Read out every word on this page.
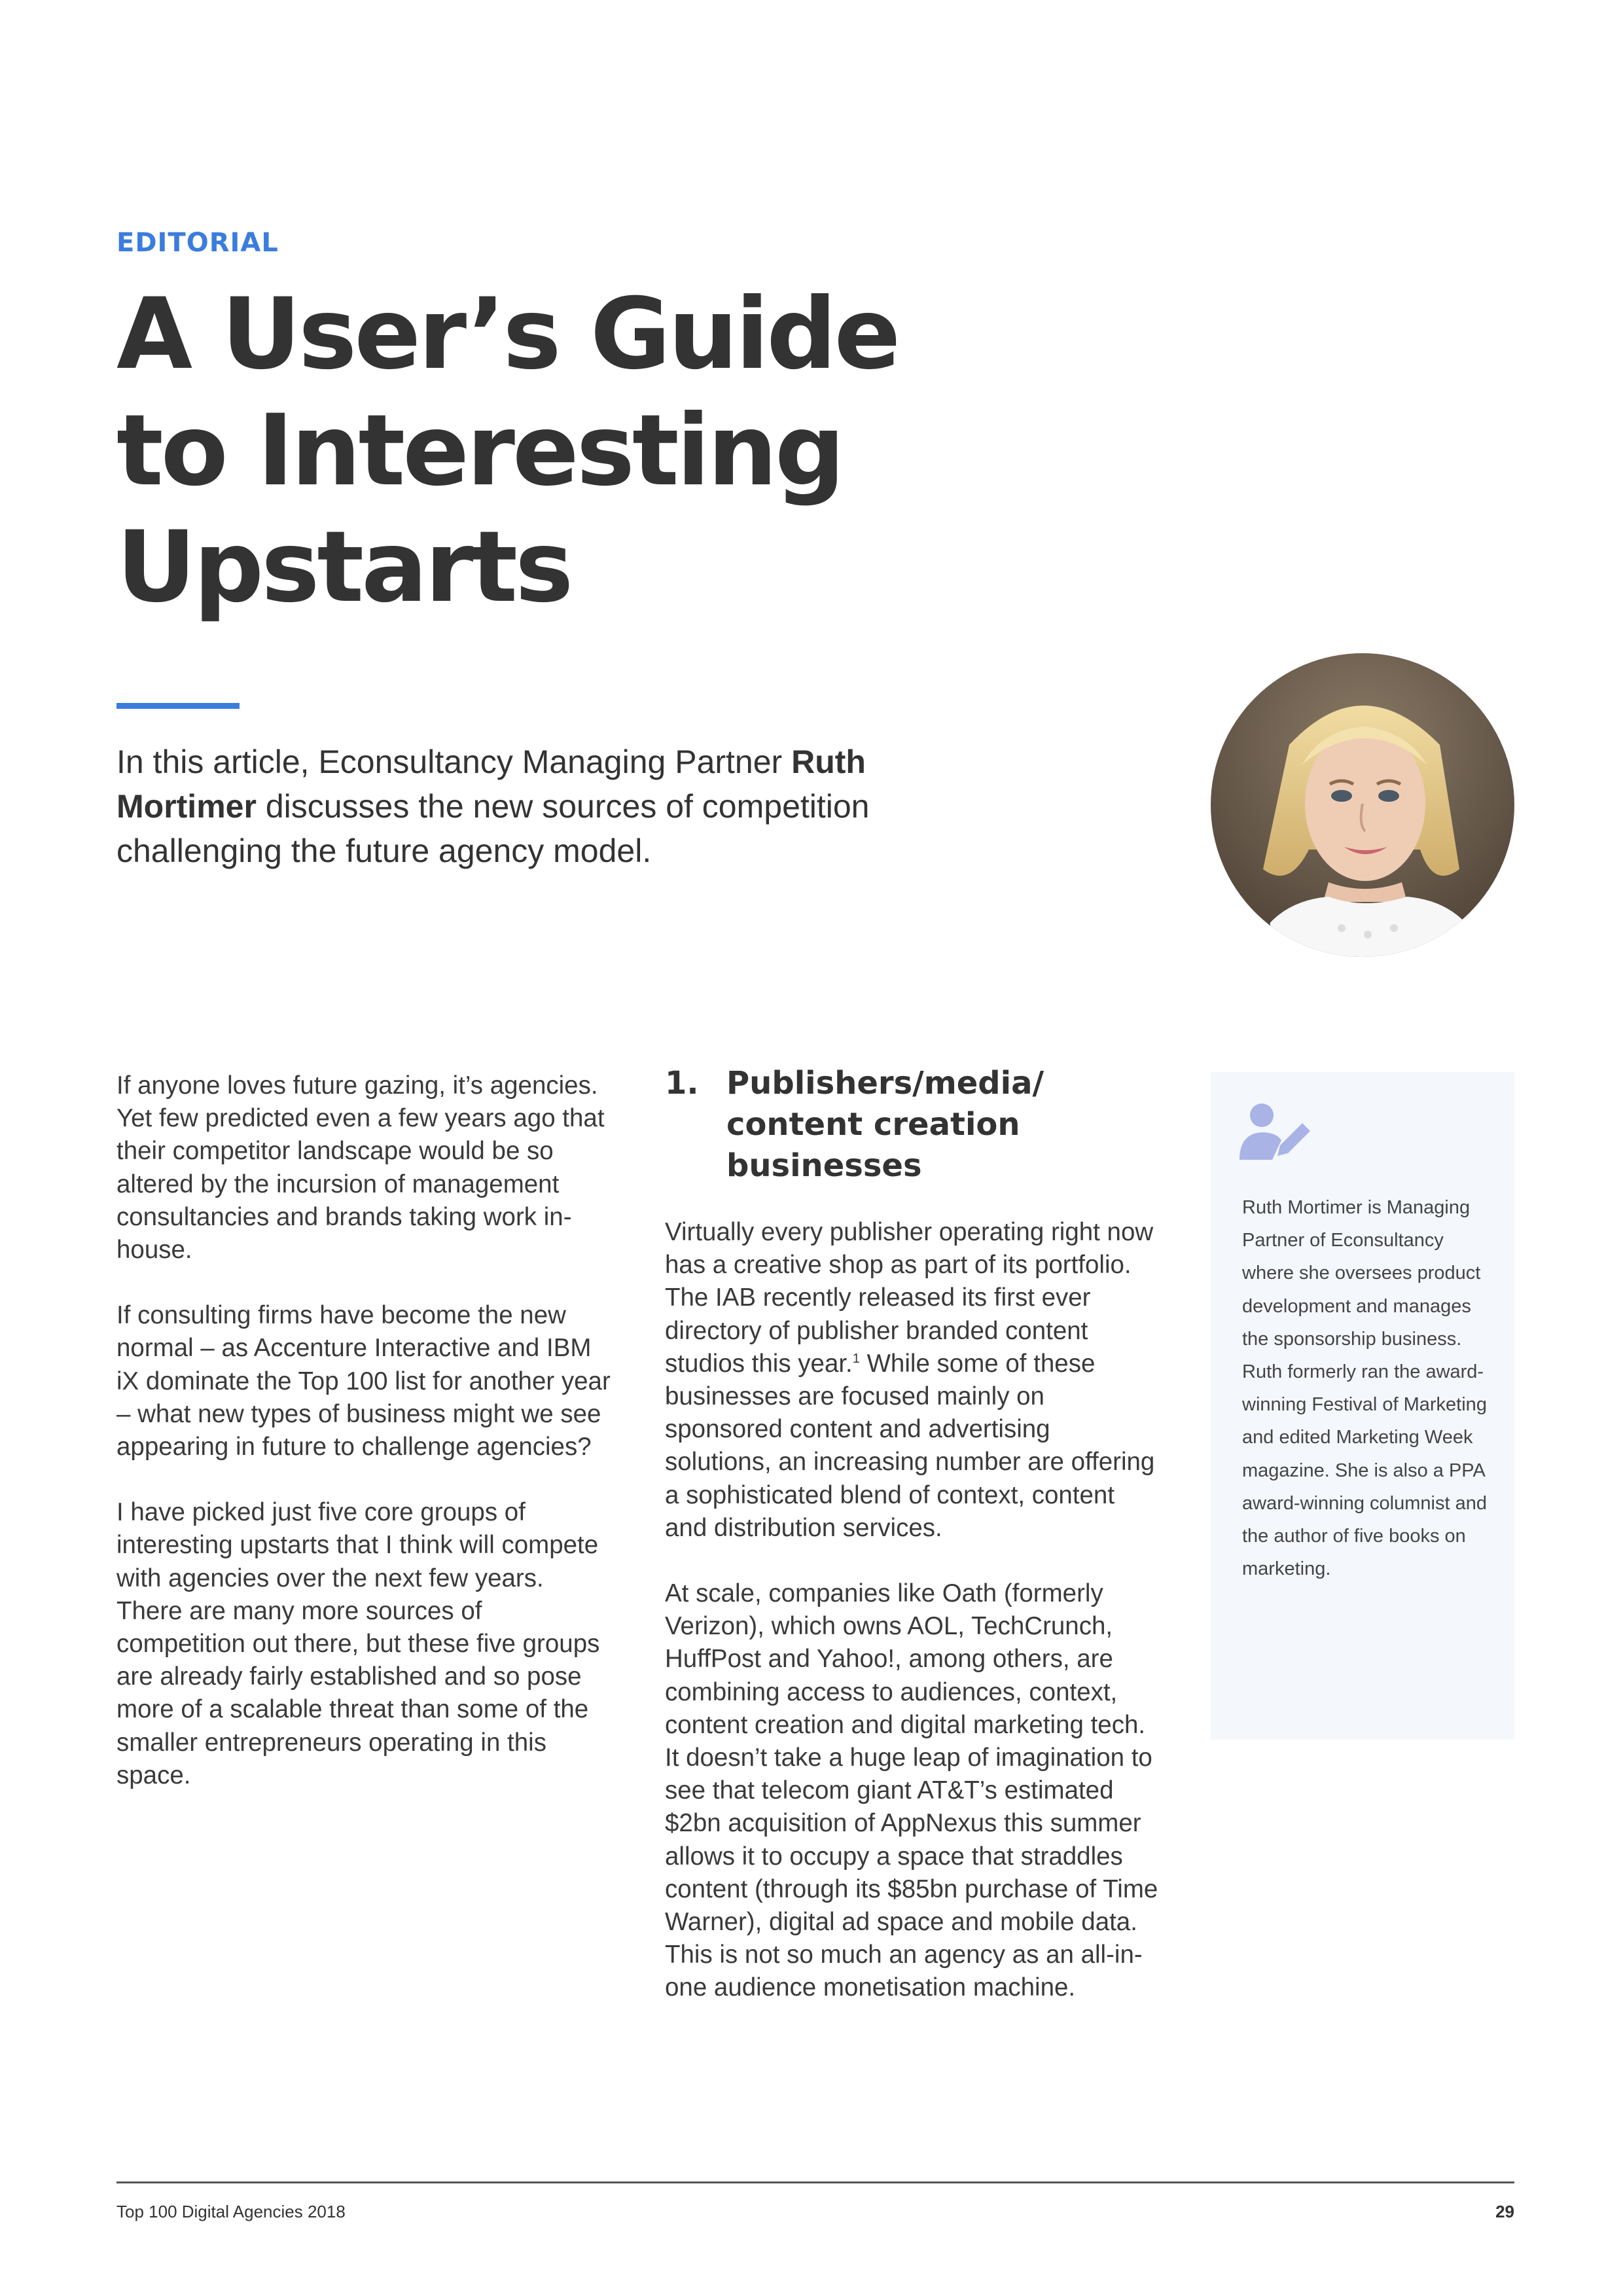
EDITORIAL
A User’s Guide
to Interesting
Upstarts
In this article, Econsultancy Managing Partner Ruth Mortimer discusses the new sources of competition challenging the future agency model.

If anyone loves future gazing, it’s agencies. Yet few predicted even a few years ago that their competitor landscape would be so altered by the incursion of management consultancies and brands taking work in-house.

If consulting firms have become the new normal – as Accenture Interactive and IBM iX dominate the Top 100 list for another year – what new types of business might we see appearing in future to challenge agencies?

I have picked just five core groups of interesting upstarts that I think will compete with agencies over the next few years. There are many more sources of competition out there, but these five groups are already fairly established and so pose more of a scalable threat than some of the smaller entrepreneurs operating in this space.

1. Publishers/media/ content creation businesses

Virtually every publisher operating right now has a creative shop as part of its portfolio. The IAB recently released its first ever directory of publisher branded content studios this year.$^1$ While some of these businesses are focused mainly on sponsored content and advertising solutions, an increasing number are offering a sophisticated blend of context, content and distribution services.

At scale, companies like Oath (formerly Verizon), which owns AOL, TechCrunch, HuffPost and Yahoo!, among others, are combining access to audiences, context, content creation and digital marketing tech. It doesn’t take a huge leap of imagination to see that telecom giant AT&T’s estimated $2bn acquisition of AppNexus this summer allows it to occupy a space that straddles content (through its $85bn purchase of Time Warner), digital ad space and mobile data. This is not so much an agency as an all-in-one audience monetisation machine.

Ruth Mortimer is Managing Partner of Econsultancy where she oversees product development and manages the sponsorship business. Ruth formerly ran the award-winning Festival of Marketing and edited Marketing Week magazine. She is also a PPA award-winning columnist and the author of five books on marketing.
Top 100 Digital Agencies 2018	29
